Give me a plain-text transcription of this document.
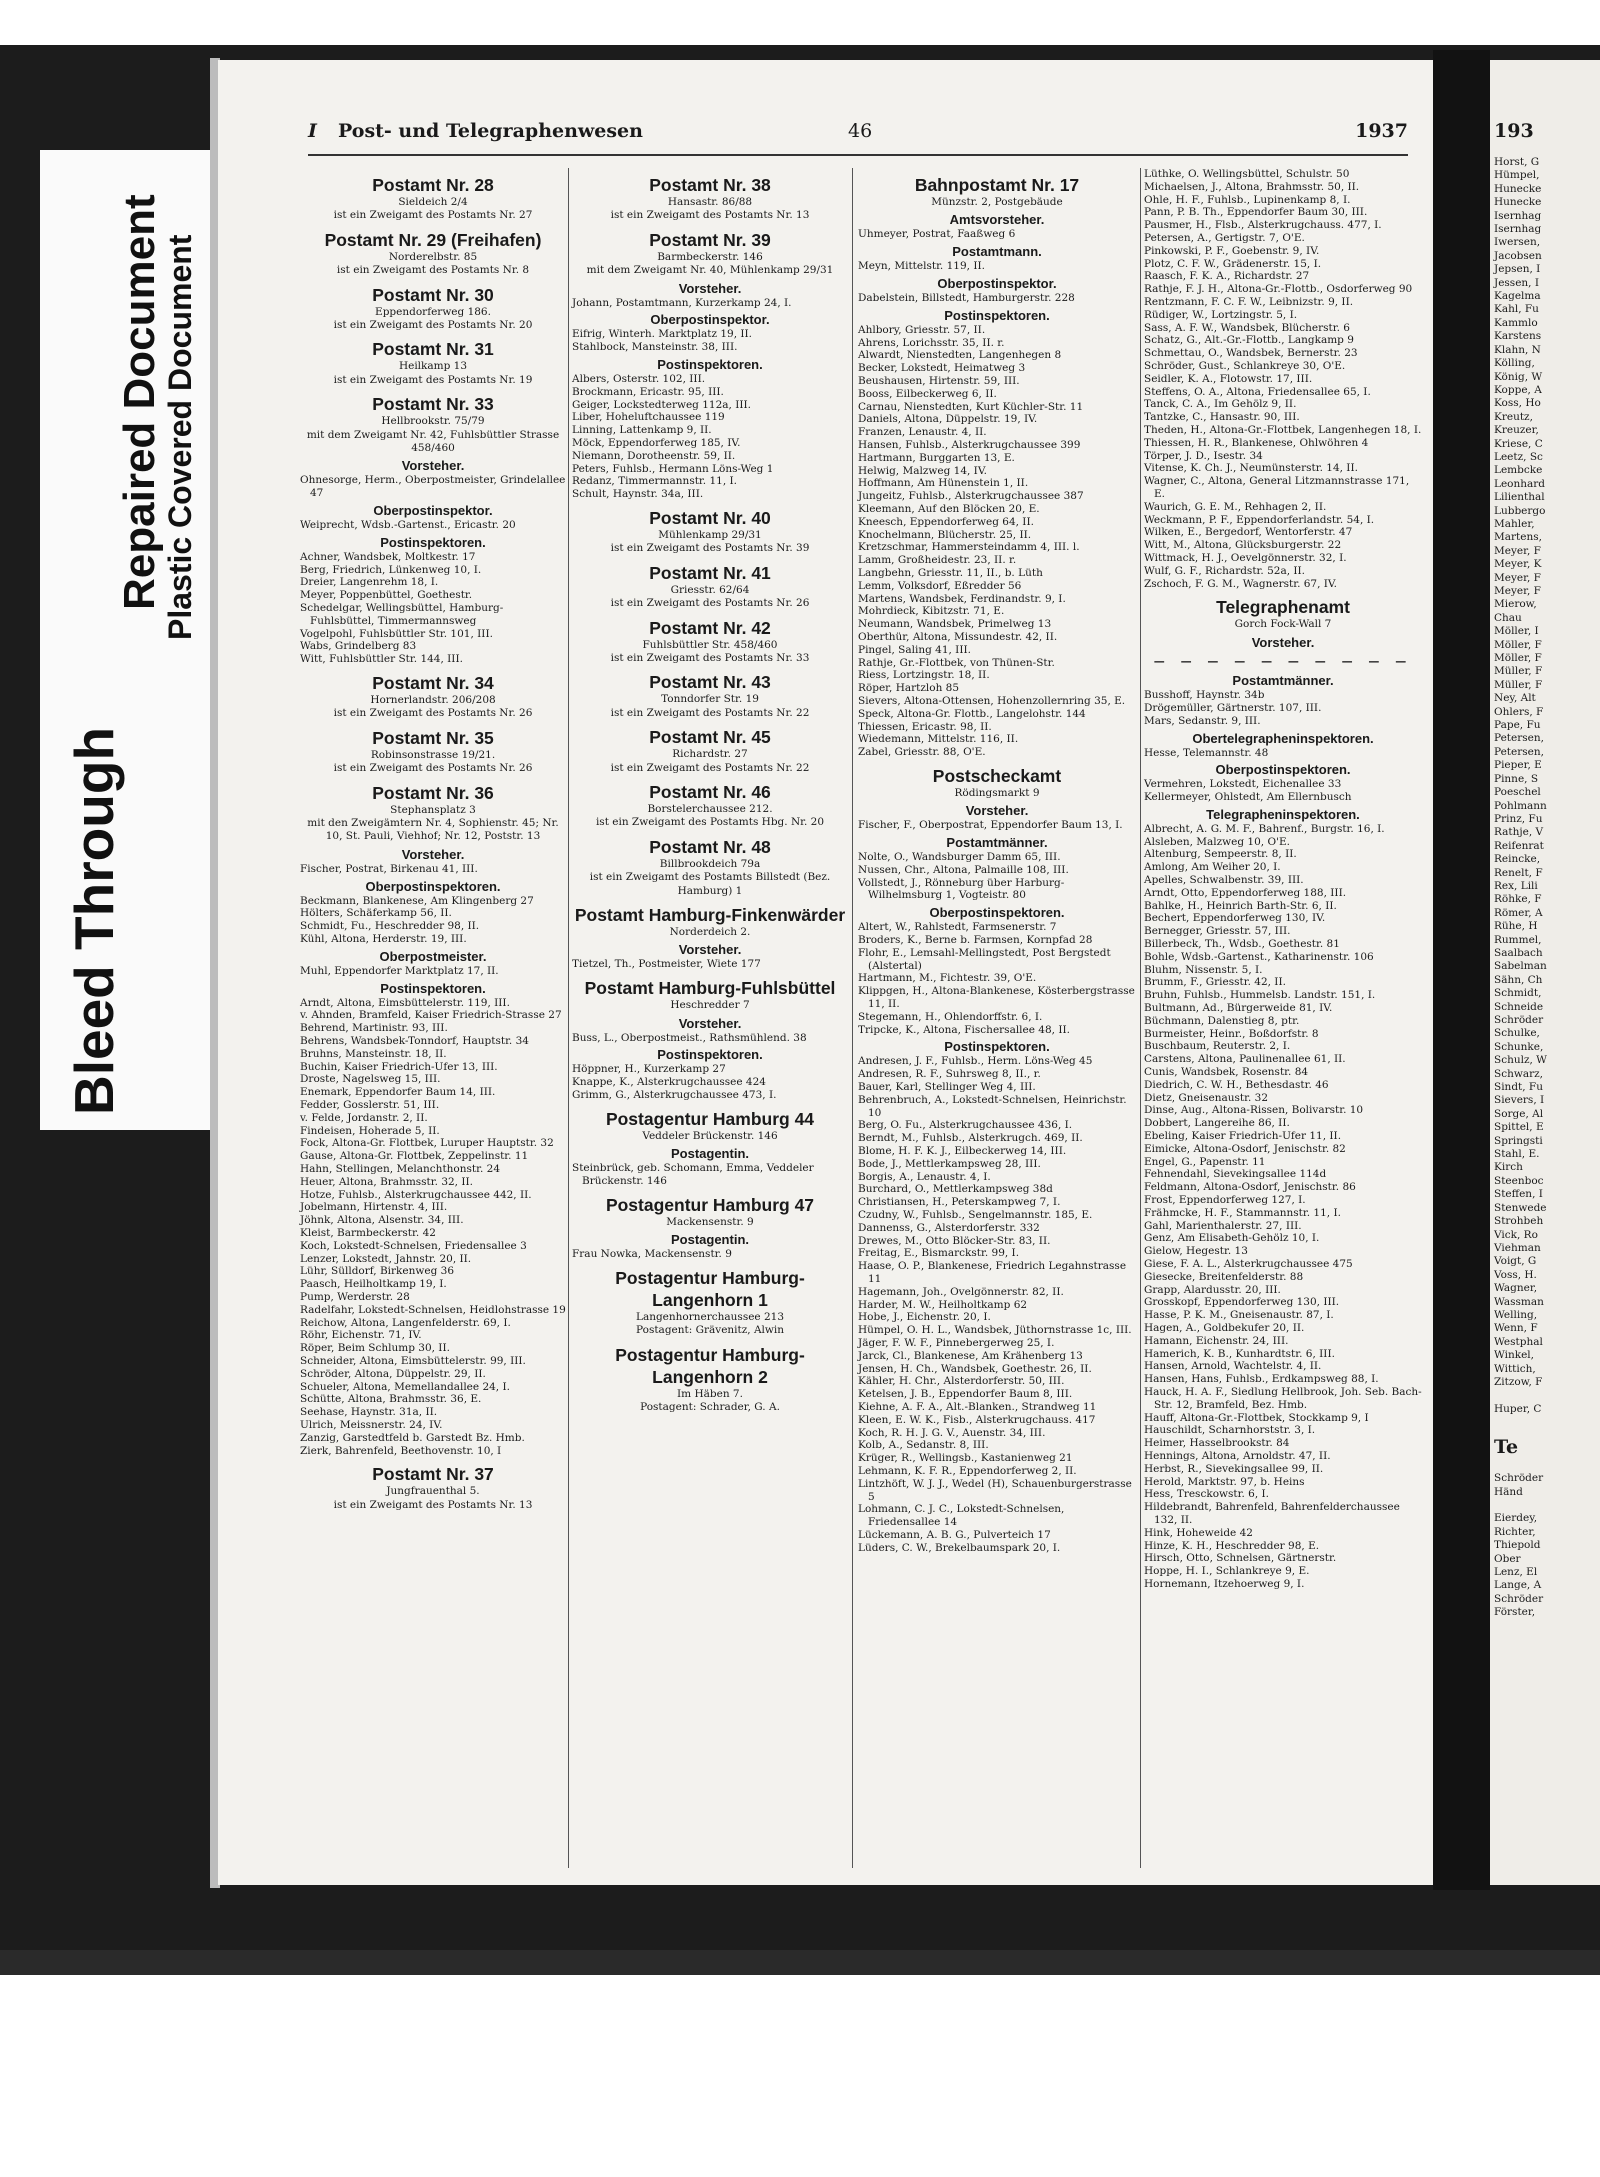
Bleed Through
Repaired Document
Plastic Covered Document
193
Horst, G
Hümpel,
Hunecke
Hunecke
Isernhag
Isernhag
Iwersen,
Jacobsen
Jepsen, I
Jessen, I
Kagelma
Kahl, Fu
Kammlo
Karstens
Klahn, N
Kölling,
König, W
Koppe, A
Koss, Ho
Kreutz,
Kreuzer,
Kriese, C
Leetz, Sc
Lembcke
Leonhard
Lilienthal
Lubbergo
Mahler,
Martens,
Meyer, F
Meyer, K
Meyer, F
Meyer, F
Mierow,
Chau
Möller, I
Möller, F
Möller, F
Müller, F
Müller, F
Ney, Alt
Ohlers, F
Pape, Fu
Petersen,
Petersen,
Pieper, E
Pinne, S
Poeschel
Pohlmann
Prinz, Fu
Rathje, V
Reifenrat
Reincke,
Renelt, F
Rex, Lili
Röhke, F
Römer, A
Rühe, H
Rummel,
Saalbach
Sabelman
Sähn, Ch
Schmidt,
Schneide
Schröder
Schulke,
Schunke,
Schulz, W
Schwarz,
Sindt, Fu
Sievers, I
Sorge, Al
Spittel, E
Springsti
Stahl, E.
Kirch
Steenboc
Steffen, I
Stenwede
Strohbeh
Vick, Ro
Viehman
Voigt, G
Voss, H.
Wagner,
Wassman
Welling,
Wenn, F
Westphal
Winkel,
Wittich,
Zitzow, F

Huper, C
Te
Schröder
Händ

Eierdey,
Richter,
Thiepold
Ober
Lenz, El
Lange, A
Schröder
Förster,
I Post- und Telegraphenwesen	46	1937
Postamt Nr. 28
Sieldeich 2/4
ist ein Zweigamt des Postamts Nr. 27
Postamt Nr. 29 (Freihafen)
Norderelbstr. 85
ist ein Zweigamt des Postamts Nr. 8
Postamt Nr. 30
Eppendorferweg 186.
ist ein Zweigamt des Postamts Nr. 20
Postamt Nr. 31
Heilkamp 13
ist ein Zweigamt des Postamts Nr. 19
Postamt Nr. 33
Hellbrookstr. 75/79
mit dem Zweigamt Nr. 42, Fuhlsbüttler Strasse 458/460
Vorsteher.
Ohnesorge, Herm., Oberpostmeister, Grindelallee 47
Oberpostinspektor.
Weiprecht, Wdsb.-Gartenst., Ericastr. 20
Postinspektoren.
Achner, Wandsbek, Moltkestr. 17
Berg, Friedrich, Lünkenweg 10, I.
Dreier, Langenrehm 18, I.
Meyer, Poppenbüttel, Goethestr.
Schedelgar, Wellingsbüttel, Hamburg-Fuhlsbüttel, Timmermannsweg
Vogelpohl, Fuhlsbüttler Str. 101, III.
Wabs, Grindelberg 83
Witt, Fuhlsbüttler Str. 144, III.
Postamt Nr. 34
Hornerlandstr. 206/208
ist ein Zweigamt des Postamts Nr. 26
Postamt Nr. 35
Robinsonstrasse 19/21.
ist ein Zweigamt des Postamts Nr. 26
Postamt Nr. 36
Stephansplatz 3
mit den Zweigämtern Nr. 4, Sophienstr. 45; Nr. 10, St. Pauli, Viehhof; Nr. 12, Poststr. 13
Vorsteher.
Fischer, Postrat, Birkenau 41, III.
Oberpostinspektoren.
Beckmann, Blankenese, Am Klingenberg 27
Hölters, Schäferkamp 56, II.
Schmidt, Fu., Heschredder 98, II.
Kühl, Altona, Herderstr. 19, III.
Oberpostmeister.
Muhl, Eppendorfer Marktplatz 17, II.
Postinspektoren.
Arndt, Altona, Eimsbüttelerstr. 119, III.
v. Ahnden, Bramfeld, Kaiser Friedrich-Strasse 27
Behrend, Martinistr. 93, III.
Behrens, Wandsbek-Tonndorf, Hauptstr. 34
Bruhns, Mansteinstr. 18, II.
Buchin, Kaiser Friedrich-Ufer 13, III.
Droste, Nagelsweg 15, III.
Enemark, Eppendorfer Baum 14, III.
Fedder, Gosslerstr. 51, III.
v. Felde, Jordanstr. 2, II.
Findeisen, Hoherade 5, II.
Fock, Altona-Gr. Flottbek, Luruper Hauptstr. 32
Gause, Altona-Gr. Flottbek, Zeppelinstr. 11
Hahn, Stellingen, Melanchthonstr. 24
Heuer, Altona, Brahmsstr. 32, II.
Hotze, Fuhlsb., Alsterkrugchaussee 442, II.
Jobelmann, Hirtenstr. 4, III.
Jöhnk, Altona, Alsenstr. 34, III.
Kleist, Barmbeckerstr. 42
Koch, Lokstedt-Schnelsen, Friedensallee 3
Lenzer, Lokstedt, Jahnstr. 20, II.
Lühr, Sülldorf, Birkenweg 36
Paasch, Heilholtkamp 19, I.
Pump, Werderstr. 28
Radelfahr, Lokstedt-Schnelsen, Heidlohstrasse 19
Reichow, Altona, Langenfelderstr. 69, I.
Röhr, Eichenstr. 71, IV.
Röper, Beim Schlump 30, II.
Schneider, Altona, Eimsbüttelerstr. 99, III.
Schröder, Altona, Düppelstr. 29, II.
Schueler, Altona, Memellandallee 24, I.
Schütte, Altona, Brahmsstr. 36, E.
Seehase, Haynstr. 31a, II.
Ulrich, Meissnerstr. 24, IV.
Zanzig, Garstedtfeld b. Garstedt Bz. Hmb.
Zierk, Bahrenfeld, Beethovenstr. 10, I
Postamt Nr. 37
Jungfrauenthal 5.
ist ein Zweigamt des Postamts Nr. 13
Postamt Nr. 38
Hansastr. 86/88
ist ein Zweigamt des Postamts Nr. 13
Postamt Nr. 39
Barmbeckerstr. 146
mit dem Zweigamt Nr. 40, Mühlenkamp 29/31
Vorsteher.
Johann, Postamtmann, Kurzerkamp 24, I.
Oberpostinspektor.
Eifrig, Winterh. Marktplatz 19, II.
Stahlbock, Mansteinstr. 38, III.
Postinspektoren.
Albers, Osterstr. 102, III.
Brockmann, Ericastr. 95, III.
Geiger, Lockstedterweg 112a, III.
Liber, Hoheluftchaussee 119
Linning, Lattenkamp 9, II.
Möck, Eppendorferweg 185, IV.
Niemann, Dorotheenstr. 59, II.
Peters, Fuhlsb., Hermann Löns-Weg 1
Redanz, Timmermannstr. 11, I.
Schult, Haynstr. 34a, III.
Postamt Nr. 40
Mühlenkamp 29/31
ist ein Zweigamt des Postamts Nr. 39
Postamt Nr. 41
Griesstr. 62/64
ist ein Zweigamt des Postamts Nr. 26
Postamt Nr. 42
Fuhlsbüttler Str. 458/460
ist ein Zweigamt des Postamts Nr. 33
Postamt Nr. 43
Tonndorfer Str. 19
ist ein Zweigamt des Postamts Nr. 22
Postamt Nr. 45
Richardstr. 27
ist ein Zweigamt des Postamts Nr. 22
Postamt Nr. 46
Borstelerchaussee 212.
ist ein Zweigamt des Postamts Hbg. Nr. 20
Postamt Nr. 48
Billbrookdeich 79a
ist ein Zweigamt des Postamts Billstedt (Bez. Hamburg) 1
Postamt Hamburg-Finkenwärder
Norderdeich 2.
Vorsteher.
Tietzel, Th., Postmeister, Wiete 177
Postamt Hamburg-Fuhlsbüttel
Heschredder 7
Vorsteher.
Buss, L., Oberpostmeist., Rathsmühlend. 38
Postinspektoren.
Höppner, H., Kurzerkamp 27
Knappe, K., Alsterkrugchaussee 424
Grimm, G., Alsterkrugchaussee 473, I.
Postagentur Hamburg 44
Veddeler Brückenstr. 146
Postagentin.
Steinbrück, geb. Schomann, Emma, Veddeler Brückenstr. 146
Postagentur Hamburg 47
Mackensenstr. 9
Postagentin.
Frau Nowka, Mackensenstr. 9
Postagentur Hamburg-Langenhorn 1
Langenhornerchaussee 213
Postagent: Grävenitz, Alwin
Postagentur Hamburg-Langenhorn 2
Im Häben 7.
Postagent: Schrader, G. A.
Bahnpostamt Nr. 17
Münzstr. 2, Postgebäude
Amtsvorsteher.
Uhmeyer, Postrat, Faaßweg 6
Postamtmann.
Meyn, Mittelstr. 119, II.
Oberpostinspektor.
Dabelstein, Billstedt, Hamburgerstr. 228
Postinspektoren.
Ahlbory, Griesstr. 57, II.
Ahrens, Lorichsstr. 35, II. r.
Alwardt, Nienstedten, Langenhegen 8
Becker, Lokstedt, Heimatweg 3
Beushausen, Hirtenstr. 59, III.
Booss, Eilbeckerweg 6, II.
Carnau, Nienstedten, Kurt Küchler-Str. 11
Daniels, Altona, Düppelstr. 19, IV.
Franzen, Lenaustr. 4, II.
Hansen, Fuhlsb., Alsterkrugchaussee 399
Hartmann, Burggarten 13, E.
Helwig, Malzweg 14, IV.
Hoffmann, Am Hünenstein 1, II.
Jungeitz, Fuhlsb., Alsterkrugchaussee 387
Kleemann, Auf den Blöcken 20, E.
Kneesch, Eppendorferweg 64, II.
Knochelmann, Blücherstr. 25, II.
Kretzschmar, Hammersteindamm 4, III. l.
Lamm, Großheidestr. 23, II. r.
Langbehn, Griesstr. 11, II., b. Lüth
Lemm, Volksdorf, Eßredder 56
Martens, Wandsbek, Ferdinandstr. 9, I.
Mohrdieck, Kibitzstr. 71, E.
Neumann, Wandsbek, Primelweg 13
Oberthür, Altona, Missundestr. 42, II.
Pingel, Saling 41, III.
Rathje, Gr.-Flottbek, von Thünen-Str.
Riess, Lortzingstr. 18, II.
Röper, Hartzloh 85
Sievers, Altona-Ottensen, Hohenzollernring 35, E.
Speck, Altona-Gr. Flottb., Langelohstr. 144
Thiessen, Ericastr. 98, II.
Wiedemann, Mittelstr. 116, II.
Zabel, Griesstr. 88, O'E.
Postscheckamt
Rödingsmarkt 9
Vorsteher.
Fischer, F., Oberpostrat, Eppendorfer Baum 13, I.
Postamtmänner.
Nolte, O., Wandsburger Damm 65, III.
Nussen, Chr., Altona, Palmaille 108, III.
Vollstedt, J., Rönneburg über Harburg-Wilhelmsburg 1, Vogteistr. 80
Oberpostinspektoren.
Altert, W., Rahlstedt, Farmsenerstr. 7
Broders, K., Berne b. Farmsen, Kornpfad 28
Flohr, E., Lemsahl-Mellingstedt, Post Bergstedt (Alstertal)
Hartmann, M., Fichtestr. 39, O'E.
Klippgen, H., Altona-Blankenese, Kösterbergstrasse 11, II.
Stegemann, H., Ohlendorffstr. 6, I.
Tripcke, K., Altona, Fischersallee 48, II.
Postinspektoren.
Andresen, J. F., Fuhlsb., Herm. Löns-Weg 45
Andresen, R. F., Suhrsweg 8, II., r.
Bauer, Karl, Stellinger Weg 4, III.
Behrenbruch, A., Lokstedt-Schnelsen, Heinrichstr. 10
Berg, O. Fu., Alsterkrugchaussee 436, I.
Berndt, M., Fuhlsb., Alsterkrugch. 469, II.
Blome, H. F. K. J., Eilbeckerweg 14, III.
Bode, J., Mettlerkampsweg 28, III.
Borgis, A., Lenaustr. 4, I.
Burchard, O., Mettlerkampsweg 38d
Christiansen, H., Peterskampweg 7, I.
Czudny, W., Fuhlsb., Sengelmannstr. 185, E.
Dannenss, G., Alsterdorferstr. 332
Drewes, M., Otto Blöcker-Str. 83, II.
Freitag, E., Bismarckstr. 99, I.
Haase, O. P., Blankenese, Friedrich Legahnstrasse 11
Hagemann, Joh., Ovelgönnerstr. 82, II.
Harder, M. W., Heilholtkamp 62
Hobe, J., Eichenstr. 20, I.
Hümpel, O. H. L., Wandsbek, Jüthornstrasse 1c, III.
Jäger, F. W. F., Pinnebergerweg 25, I.
Jarck, Cl., Blankenese, Am Krähenberg 13
Jensen, H. Ch., Wandsbek, Goethestr. 26, II.
Kähler, H. Chr., Alsterdorferstr. 50, III.
Ketelsen, J. B., Eppendorfer Baum 8, III.
Kiehne, A. F. A., Alt.-Blanken., Strandweg 11
Kleen, E. W. K., Fisb., Alsterkrugchauss. 417
Koch, R. H. J. G. V., Auenstr. 34, III.
Kolb, A., Sedanstr. 8, III.
Krüger, R., Wellingsb., Kastanienweg 21
Lehmann, K. F. R., Eppendorferweg 2, II.
Lintzhöft, W. J. J., Wedel (H), Schauenburgerstrasse 5
Lohmann, C. J. C., Lokstedt-Schnelsen, Friedensallee 14
Lückemann, A. B. G., Pulverteich 17
Lüders, C. W., Brekelbaumspark 20, I.
Lüthke, O. Wellingsbüttel, Schulstr. 50
Michaelsen, J., Altona, Brahmsstr. 50, II.
Ohle, H. F., Fuhlsb., Lupinenkamp 8, I.
Pann, P. B. Th., Eppendorfer Baum 30, III.
Pausmer, H., Flsb., Alsterkrugchauss. 477, I.
Petersen, A., Gertigstr. 7, O'E.
Pinkowski, P. F., Goebenstr. 9, IV.
Plotz, C. F. W., Grädenerstr. 15, I.
Raasch, F. K. A., Richardstr. 27
Rathje, F. J. H., Altona-Gr.-Flottb., Osdorferweg 90
Rentzmann, F. C. F. W., Leibnizstr. 9, II.
Rüdiger, W., Lortzingstr. 5, I.
Sass, A. F. W., Wandsbek, Blücherstr. 6
Schatz, G., Alt.-Gr.-Flottb., Langkamp 9
Schmettau, O., Wandsbek, Bernerstr. 23
Schröder, Gust., Schlankreye 30, O'E.
Seidler, K. A., Flotowstr. 17, III.
Steffens, O. A., Altona, Friedensallee 65, I.
Tanck, C. A., Im Gehölz 9, II.
Tantzke, C., Hansastr. 90, III.
Theden, H., Altona-Gr.-Flottbek, Langenhegen 18, I.
Thiessen, H. R., Blankenese, Ohlwöhren 4
Törper, J. D., Isestr. 34
Vitense, K. Ch. J., Neumünsterstr. 14, II.
Wagner, C., Altona, General Litzmannstrasse 171, E.
Waurich, G. E. M., Rehhagen 2, II.
Weckmann, P. F., Eppendorferlandstr. 54, I.
Wilken, E., Bergedorf, Wentorferstr. 47
Witt, M., Altona, Glücksburgerstr. 22
Wittmack, H. J., Oevelgönnerstr. 32, I.
Wulf, G. F., Richardstr. 52a, II.
Zschoch, F. G. M., Wagnerstr. 67, IV.
Telegraphenamt
Gorch Fock-Wall 7
Vorsteher.
— — — — — — — — — —
Postamtmänner.
Busshoff, Haynstr. 34b
Drögemüller, Gärtnerstr. 107, III.
Mars, Sedanstr. 9, III.
Obertelegrapheninspektoren.
Hesse, Telemannstr. 48
Oberpostinspektoren.
Vermehren, Lokstedt, Eichenallee 33
Kellermeyer, Ohlstedt, Am Ellernbusch
Telegrapheninspektoren.
Albrecht, A. G. M. F., Bahrenf., Burgstr. 16, I.
Alsleben, Malzweg 10, O'E.
Altenburg, Sempeerstr. 8, II.
Amlong, Am Weiher 20, I.
Apelles, Schwalbenstr. 39, III.
Arndt, Otto, Eppendorferweg 188, III.
Bahlke, H., Heinrich Barth-Str. 6, II.
Bechert, Eppendorferweg 130, IV.
Bernegger, Griesstr. 57, III.
Billerbeck, Th., Wdsb., Goethestr. 81
Bohle, Wdsb.-Gartenst., Katharinenstr. 106
Bluhm, Nissenstr. 5, I.
Brumm, F., Griesstr. 42, II.
Bruhn, Fuhlsb., Hummelsb. Landstr. 151, I.
Bultmann, Ad., Bürgerweide 81, IV.
Büchmann, Dalenstieg 8, ptr.
Burmeister, Heinr., Boßdorfstr. 8
Buschbaum, Reuterstr. 2, I.
Carstens, Altona, Paulinenallee 61, II.
Cunis, Wandsbek, Rosenstr. 84
Diedrich, C. W. H., Bethesdastr. 46
Dietz, Gneisenaustr. 32
Dinse, Aug., Altona-Rissen, Bolivarstr. 10
Dobbert, Langereihe 86, II.
Ebeling, Kaiser Friedrich-Ufer 11, II.
Eimicke, Altona-Osdorf, Jenischstr. 82
Engel, G., Papenstr. 11
Fehnendahl, Sievekingsallee 114d
Feldmann, Altona-Osdorf, Jenischstr. 86
Frost, Eppendorferweg 127, I.
Frähmcke, H. F., Stammannstr. 11, I.
Gahl, Marienthalerstr. 27, III.
Genz, Am Elisabeth-Gehölz 10, I.
Gielow, Hegestr. 13
Giese, F. A. L., Alsterkrugchaussee 475
Giesecke, Breitenfelderstr. 88
Grapp, Alardusstr. 20, III.
Grosskopf, Eppendorferweg 130, III.
Hasse, P. K. M., Gneisenaustr. 87, I.
Hagen, A., Goldbekufer 20, II.
Hamann, Eichenstr. 24, III.
Hamerich, K. B., Kunhardtstr. 6, III.
Hansen, Arnold, Wachtelstr. 4, II.
Hansen, Hans, Fuhlsb., Erdkampsweg 88, I.
Hauck, H. A. F., Siedlung Hellbrook, Joh. Seb. Bach-Str. 12, Bramfeld, Bez. Hmb.
Hauff, Altona-Gr.-Flottbek, Stockkamp 9, I
Hauschildt, Scharnhorststr. 3, I.
Heimer, Hasselbrookstr. 84
Hennings, Altona, Arnoldstr. 47, II.
Herbst, R., Sievekingsallee 99, II.
Herold, Marktstr. 97, b. Heins
Hess, Tresckowstr. 6, I.
Hildebrandt, Bahrenfeld, Bahrenfelderchaussee 132, II.
Hink, Hoheweide 42
Hinze, K. H., Heschredder 98, E.
Hirsch, Otto, Schnelsen, Gärtnerstr.
Hoppe, H. I., Schlankreye 9, E.
Hornemann, Itzehoerweg 9, I.
